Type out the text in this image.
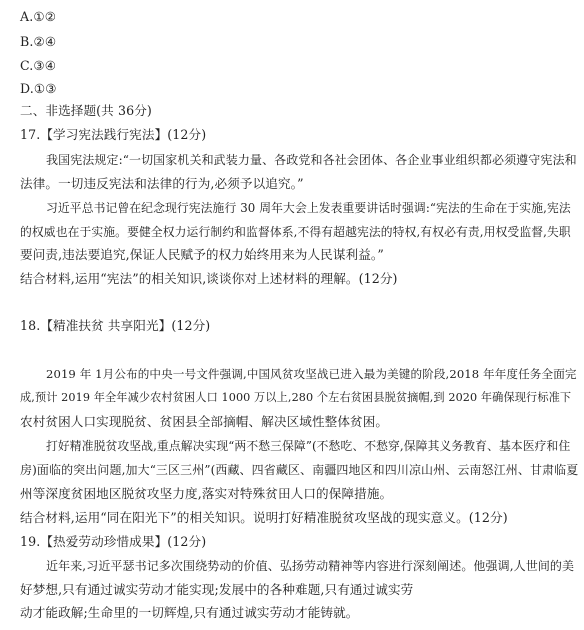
A.①②
B.②④
C.③④
D.①③
二、非选择题(共 36分)
17.【学习宪法践行宪法】(12分)
我国宪法规定:“一切国家机关和武装力量、各政党和各社会团体、各企业事业组织都必须遵守宪法和
法律。一切违反宪法和法律的行为,必须予以追究。”
习近平总书记曾在纪念现行宪法施行 30 周年大会上发表重要讲话时强调:“宪法的生命在于实施,宪法
的权威也在于实施。要健全权力运行制约和监督体系,不得有超越宪法的特权,有权必有责,用权受监督,失职
要问责,违法要追究,保证人民赋予的权力始终用来为人民谋利益。”
结合材料,运用“宪法”的相关知识,谈谈你对上述材料的理解。(12分)
18.【精准扶贫 共享阳光】(12分)
2019 年 1月公布的中央一号文件强调,中国风贫攻坚战已进入最为美键的阶段,2018 年年度任务全面完
成,预计 2019 年全年减少农村贫困人口 1000 万以上,280 个左右贫困县脱贫摘帽,到 2020 年确保现行标准下
农村贫困人口实现脱贫、贫困县全部摘帽、解决区域性整体贫困。
打好精准脱贫攻坚战,重点解决实现“两不愁三保障”(不愁吃、不愁穿,保障其义务教育、基本医疗和住
房)面临的突出问题,加大“三区三州”(西藏、四省藏区、南疆四地区和四川凉山州、云南怒江州、甘肃临夏
州等深度贫困地区脱贫攻坚力度,落实对特殊贫田人口的保障措施。
结合材料,运用“同在阳光下”的相关知识。说明打好精准脱贫攻坚战的现实意义。(12分)
19.【热爱劳动珍惜成果】(12分)
近年来,习近平瑟书记多次围绕势动的价值、弘扬劳动精神等内容进行深刻阐述。他强调,人世间的美
好梦想,只有通过诚实劳动才能实现;发展中的各种难题,只有通过诚实劳
动才能政解;生命里的一切辉煌,只有通过诚实劳动才能铸就。
